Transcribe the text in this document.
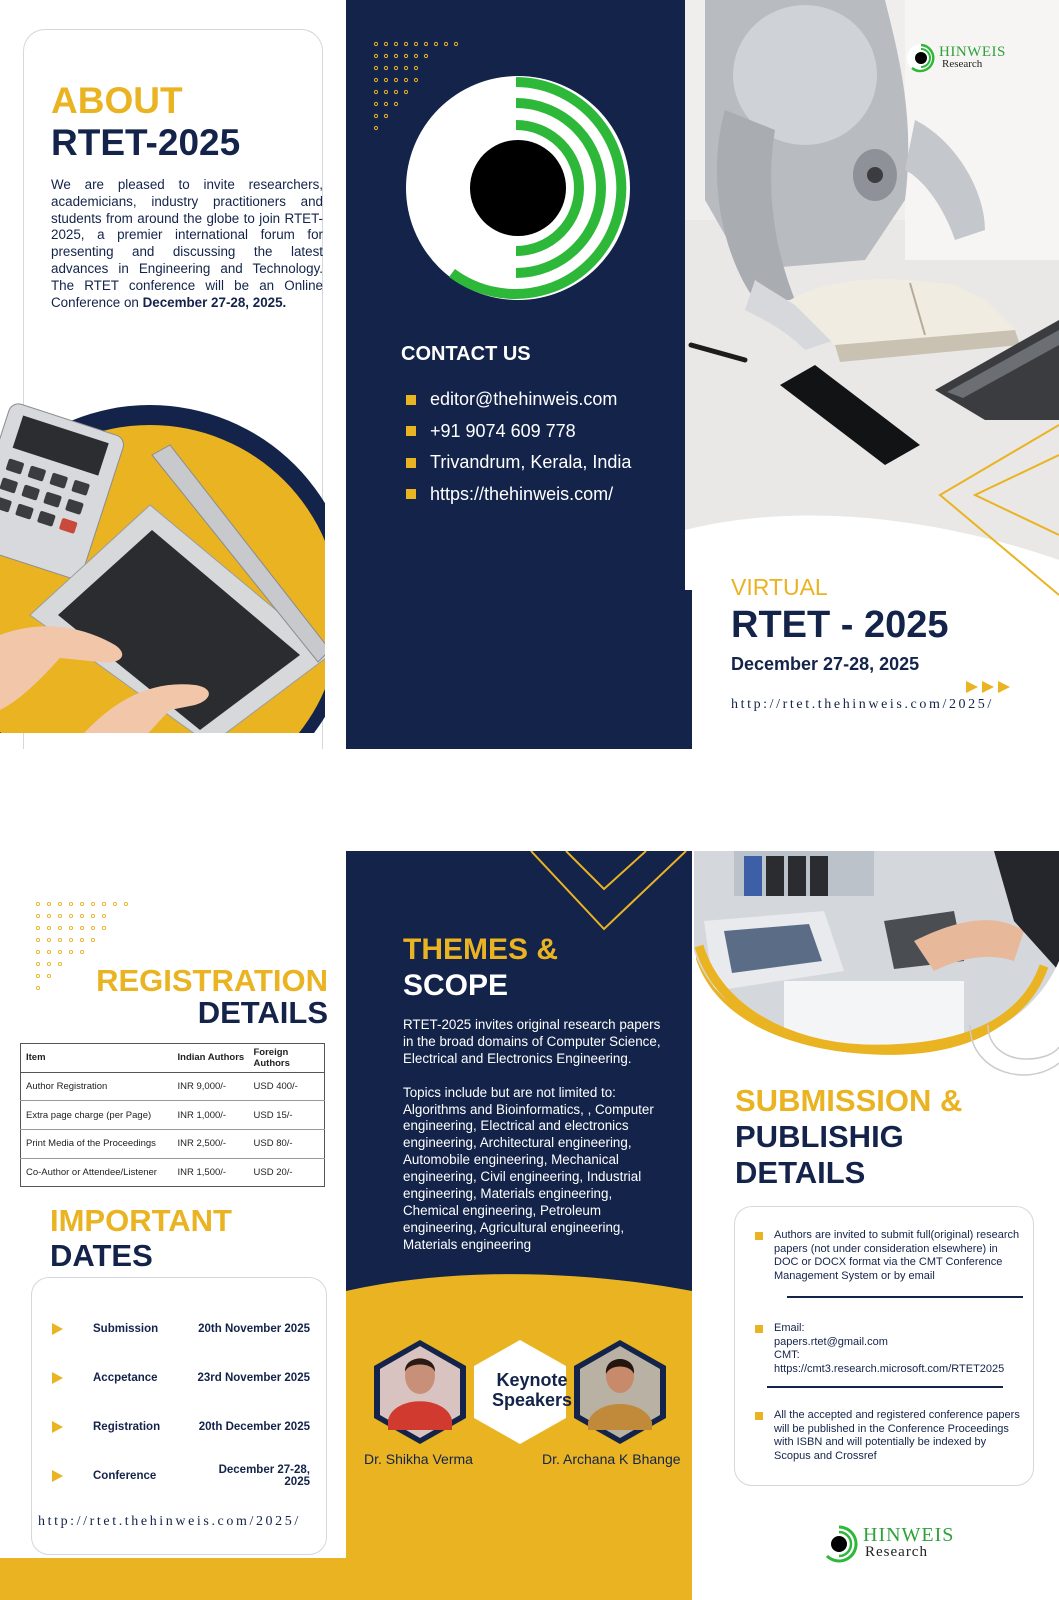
ABOUT
RTET-2025
We are pleased to invite researchers, academicians, industry practitioners and students from around the globe to join RTET-2025, a premier international forum for presenting and discussing the latest advances in Engineering and Technology. The RTET conference will be an Online Conference on December 27-28, 2025.
CONTACT US
editor@thehinweis.com
+91 9074 609 778
Trivandrum, Kerala, India
https://thehinweis.com/
HINWEIS
Research
VIRTUAL
RTET - 2025
December 27-28, 2025
http://rtet.thehinweis.com/2025/
REGISTRATION
DETAILS
Item	Indian Authors	Foreign Authors
Author Registration	INR 9,000/-	USD 400/-
Extra page charge (per Page)	INR 1,000/-	USD 15/-
Print Media of the Proceedings	INR 2,500/-	USD 80/-
Co-Author or Attendee/Listener	INR 1,500/-	USD 20/-
IMPORTANT
DATES
Submission	20th November 2025
Accpetance	23rd November 2025
Registration	20th December 2025
Conference	December 27-28, 2025
http://rtet.thehinweis.com/2025/
THEMES &
SCOPE

RTET-2025 invites original research papers in the broad domains of Computer Science, Electrical and Electronics Engineering.

Topics include but are not limited to: Algorithms and Bioinformatics, , Computer engineering, Electrical and electronics engineering, Architectural engineering, Automobile engineering, Mechanical engineering, Civil engineering, Industrial engineering, Materials engineering, Chemical engineering, Petroleum engineering, Agricultural engineering, Materials engineering

Keynote
Speakers
Dr. Shikha Verma	Dr. Archana K Bhange
SUBMISSION &
PUBLISHIG
DETAILS
Authors are invited to submit full(original) research papers (not under consideration elsewhere) in DOC or DOCX format via the CMT Conference Management System or by email
Email:
papers.rtet@gmail.com
CMT:
https://cmt3.research.microsoft.com/RTET2025
All the accepted and registered conference papers will be published in the Conference Proceedings with ISBN and will potentially be indexed by Scopus and Crossref
HINWEIS
Research
